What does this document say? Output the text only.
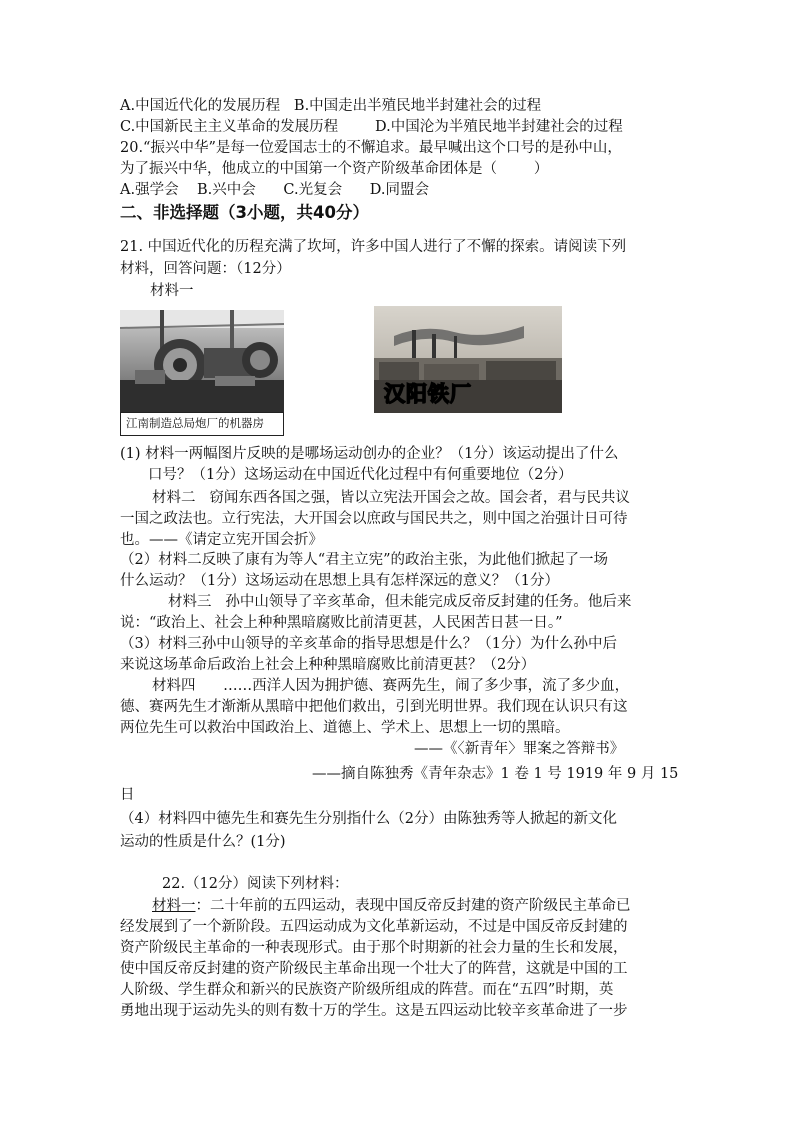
A.中国近代化的发展历程   B.中国走出半殖民地半封建社会的过程
C.中国新民主主义革命的发展历程        D.中国沦为半殖民地半封建社会的过程
20.“振兴中华”是每一位爱国志士的不懈追求。最早喊出这个口号的是孙中山，
为了振兴中华，他成立的中国第一个资产阶级革命团体是（        ）
A.强学会    B.兴中会      C.光复会      D.同盟会
二、非选择题（3小题，共40分）
21. 中国近代化的历程充满了坎坷，许多中国人进行了不懈的探索。请阅读下列
材料，回答问题：（12分）
材料一
江南制造总局炮厂的机器房
汉阳铁厂
(1) 材料一两幅图片反映的是哪场运动创办的企业？（1分）该运动提出了什么
口号？（1分）这场运动在中国近代化过程中有何重要地位（2分）
材料二   窃闻东西各国之强，皆以立宪法开国会之故。国会者，君与民共议
一国之政法也。立行宪法，大开国会以庶政与国民共之，则中国之治强计日可待
也。——《请定立宪开国会折》
（2）材料二反映了康有为等人“君主立宪”的政治主张，为此他们掀起了一场
什么运动？（1分）这场运动在思想上具有怎样深远的意义？（1分）
材料三   孙中山领导了辛亥革命，但未能完成反帝反封建的任务。他后来
说：“政治上、社会上种种黑暗腐败比前清更甚，人民困苦日甚一日。”
（3）材料三孙中山领导的辛亥革命的指导思想是什么？（1分）为什么孙中后
来说这场革命后政治上社会上种种黑暗腐败比前清更甚？（2分）
材料四      ……西洋人因为拥护德、赛两先生，闹了多少事，流了多少血，
德、赛两先生才渐渐从黑暗中把他们救出，引到光明世界。我们现在认识只有这
两位先生可以救治中国政治上、道德上、学术上、思想上一切的黑暗。
——《〈新青年〉罪案之答辩书》
——摘自陈独秀《青年杂志》1 卷 1 号 1919 年 9 月 15
日
（4）材料四中德先生和赛先生分别指什么（2分）由陈独秀等人掀起的新文化
运动的性质是什么？(1分)
22.（12分）阅读下列材料：
材料一：二十年前的五四运动，表现中国反帝反封建的资产阶级民主革命已
经发展到了一个新阶段。五四运动成为文化革新运动，不过是中国反帝反封建的
资产阶级民主革命的一种表现形式。由于那个时期新的社会力量的生长和发展，
使中国反帝反封建的资产阶级民主革命出现一个壮大了的阵营，这就是中国的工
人阶级、学生群众和新兴的民族资产阶级所组成的阵营。而在“五四”时期，英
勇地出现于运动先头的则有数十万的学生。这是五四运动比较辛亥革命进了一步
